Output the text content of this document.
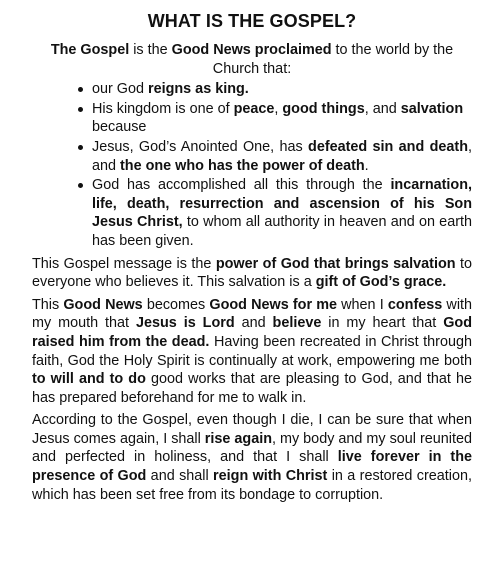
WHAT IS THE GOSPEL?

The Gospel is the Good News proclaimed to the world by the Church that:

our God reigns as king.
His kingdom is one of peace, good things, and salvation because
Jesus, God’s Anointed One, has defeated sin and death, and the one who has the power of death.
God has accomplished all this through the incarnation, life, death, resurrection and ascension of his Son Jesus Christ, to whom all authority in heaven and on earth has been given.

This Gospel message is the power of God that brings salvation to everyone who believes it. This salvation is a gift of God’s grace.

This Good News becomes Good News for me when I confess with my mouth that Jesus is Lord and believe in my heart that God raised him from the dead. Having been recreated in Christ through faith, God the Holy Spirit is continually at work, empowering me both to will and to do good works that are pleasing to God, and that he has prepared beforehand for me to walk in.

According to the Gospel, even though I die, I can be sure that when Jesus comes again, I shall rise again, my body and my soul reunited and perfected in holiness, and that I shall live forever in the presence of God and shall reign with Christ in a restored creation, which has been set free from its bondage to corruption.
